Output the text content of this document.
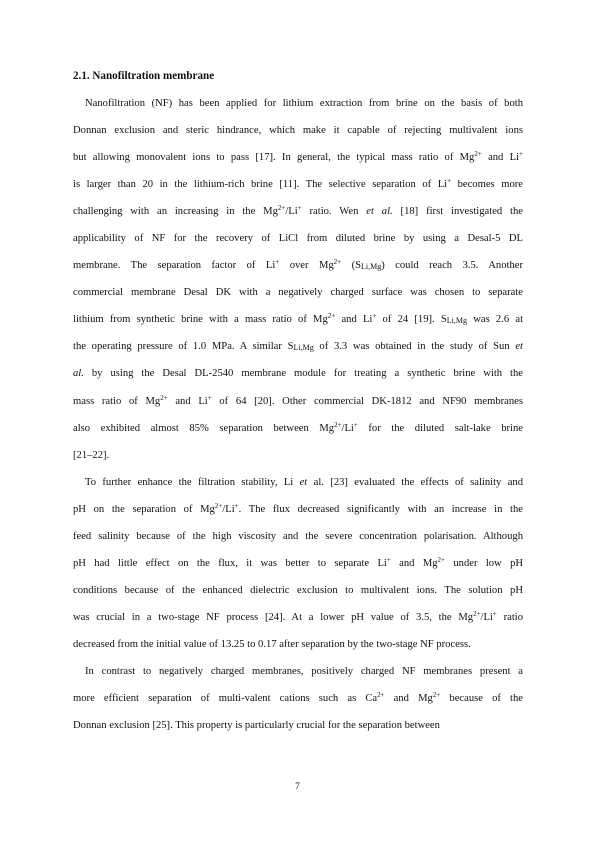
2.1. Nanofiltration membrane
Nanofiltration (NF) has been applied for lithium extraction from brine on the basis of both
Donnan exclusion and steric hindrance, which make it capable of rejecting multivalent ions
but allowing monovalent ions to pass [17]. In general, the typical mass ratio of $Mg^{2+}$ and Li+
is larger than 20 in the lithium-rich brine [11]. The selective separation of Li+ becomes more
challenging with an increasing in the $Mg^{2+}/Li^+$ ratio. Wen et al. [18] first investigated the
applicability of NF for the recovery of LiCl from diluted brine by using a Desal-5 DL
membrane. The separation factor of Li+ over $Mg^{2+}$ (SLi,Mg) could reach 3.5. Another
commercial membrane Desal DK with a negatively charged surface was chosen to separate
lithium from synthetic brine with a mass ratio of $Mg^{2+}$ and Li+ of 24 [19]. SLi,Mg was 2.6 at
the operating pressure of 1.0 MPa. A similar SLi,Mg of 3.3 was obtained in the study of Sun et
al. by using the Desal DL-2540 membrane module for treating a synthetic brine with the
mass ratio of $Mg^{2+}$ and Li+ of 64 [20]. Other commercial DK-1812 and NF90 membranes
also exhibited almost 85% separation between $Mg^{2+}/Li^+$ for the diluted salt-lake brine
[21–22].
To further enhance the filtration stability, Li et al. [23] evaluated the effects of salinity and
pH on the separation of $Mg^{2+}/Li^+$. The flux decreased significantly with an increase in the
feed salinity because of the high viscosity and the severe concentration polarisation. Although
pH had little effect on the flux, it was better to separate Li+ and $Mg^{2+}$ under low pH
conditions because of the enhanced dielectric exclusion to multivalent ions. The solution pH
was crucial in a two-stage NF process [24]. At a lower pH value of 3.5, the $Mg^{2+}/Li^+$ ratio
decreased from the initial value of 13.25 to 0.17 after separation by the two-stage NF process.
In contrast to negatively charged membranes, positively charged NF membranes present a
more efficient separation of multi-valent cations such as $Ca^{2+}$ and $Mg^{2+}$ because of the
Donnan exclusion [25]. This property is particularly crucial for the separation between
7
